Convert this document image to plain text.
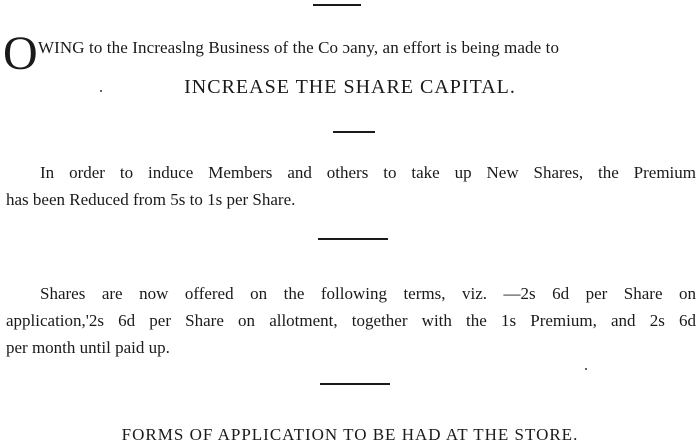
O WING to the Increaslng Business of the Co ɔany, an effort is being made to
INCREASE THE SHARE CAPITAL.
In order to induce Members and others to take up New Shares, the Premium
has been Reduced from 5s to 1s per Share.
Shares are now offered on the following terms, viz. —2s 6d per Share on
application,'2s 6d per Share on allotment, together with the 1s Premium, and 2s 6d
per month until paid up.
FORMS OF APPLICATION TO BE HAD AT THE STORE.
